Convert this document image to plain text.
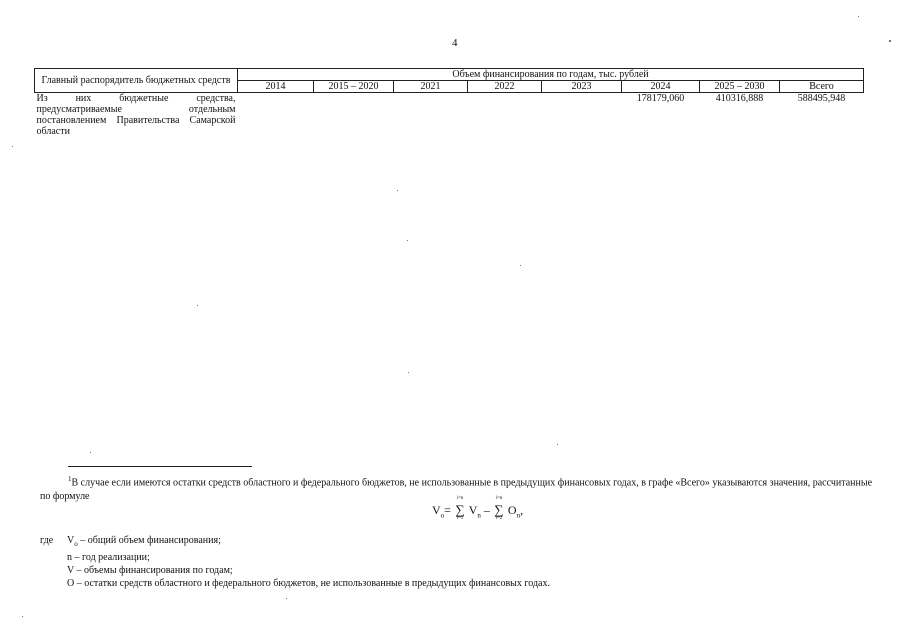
4
Главный распорядитель бюджетных средств	Объем финансирования по годам, тыс. рублей							
	2014	2015 – 2020	2021	2022	2023	2024	2025 – 2030	Всего
Из них бюджетные средства, предусматриваемые отдельным постановлением Правительства Самарской области						178179,060	410316,888	588495,948
$^1$В случае если имеются остатки средств областного и федерального бюджетов, не использованные в предыдущих финансовых годах, в графе «Всего» указываются значения, рассчитанные по формуле
$V_o=$ ∑
i=n
i=1
$V_n$ – ∑
i=n
i=2
$O_n$,
где $V_o$ – общий объем финансирования;
n – год реализации;
V – объемы финансирования по годам;
O – остатки средств областного и федерального бюджетов, не использованные в предыдущих финансовых годах.
